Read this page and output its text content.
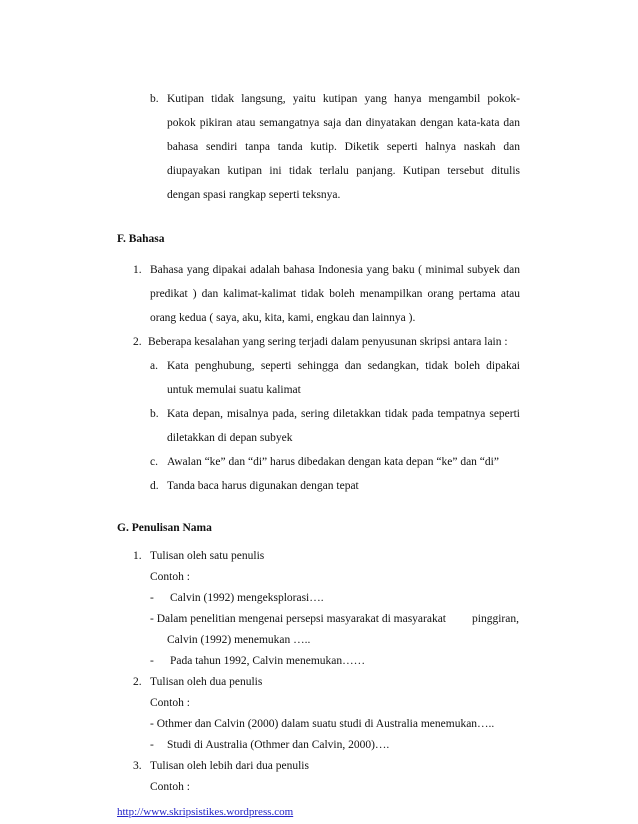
b. Kutipan tidak langsung, yaitu kutipan yang hanya mengambil pokok-
pokok pikiran atau semangatnya saja dan dinyatakan dengan kata-kata dan
bahasa sendiri tanpa tanda kutip. Diketik seperti halnya naskah dan
diupayakan kutipan ini tidak terlalu panjang. Kutipan tersebut ditulis
dengan spasi rangkap seperti teksnya.
F. Bahasa
1. Bahasa yang dipakai adalah bahasa Indonesia yang baku ( minimal subyek dan
predikat ) dan kalimat-kalimat tidak boleh menampilkan orang pertama atau
orang kedua ( saya, aku, kita, kami, engkau dan lainnya ).
2. Beberapa kesalahan yang sering terjadi dalam penyusunan skripsi antara lain :
a. Kata penghubung, seperti sehingga dan sedangkan, tidak boleh dipakai
untuk memulai suatu kalimat
b. Kata depan, misalnya pada, sering diletakkan tidak pada tempatnya seperti
diletakkan di depan subyek
c. Awalan “ke” dan “di” harus dibedakan dengan kata depan “ke” dan “di”
d. Tanda baca harus digunakan dengan tepat
G. Penulisan Nama
1. Tulisan oleh satu penulis
Contoh :
- Calvin (1992) mengeksplorasi….
- Dalam penelitian mengenai persepsi masyarakat di masyarakat pinggiran,
Calvin (1992) menemukan …..
- Pada tahun 1992, Calvin menemukan……
2. Tulisan oleh dua penulis
Contoh :
- Othmer dan Calvin (2000) dalam suatu studi di Australia menemukan…..
- Studi di Australia (Othmer dan Calvin, 2000)….
3. Tulisan oleh lebih dari dua penulis
Contoh :
http://www.skripsistikes.wordpress.com
